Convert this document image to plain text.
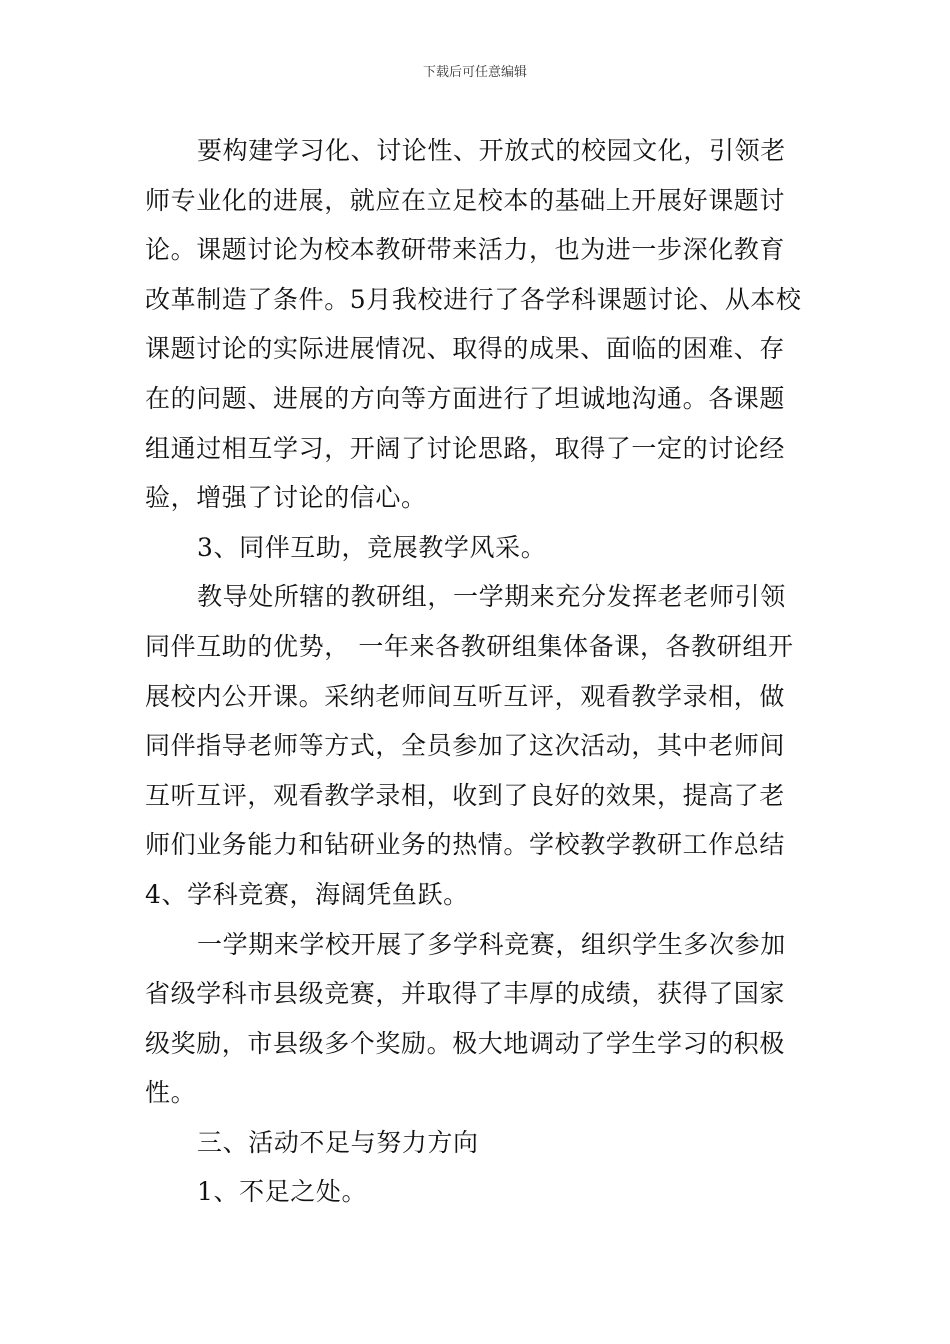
下载后可任意编辑
要构建学习化、讨论性、开放式的校园文化，引领老
师专业化的进展，就应在立足校本的基础上开展好课题讨
论。课题讨论为校本教研带来活力，也为进一步深化教育
改革制造了条件。5月我校进行了各学科课题讨论、从本校
课题讨论的实际进展情况、取得的成果、面临的困难、存
在的问题、进展的方向等方面进行了坦诚地沟通。各课题
组通过相互学习，开阔了讨论思路，取得了一定的讨论经
验，增强了讨论的信心。
3、同伴互助，竞展教学风采。
教导处所辖的教研组，一学期来充分发挥老老师引领
同伴互助的优势， 一年来各教研组集体备课，各教研组开
展校内公开课。采纳老师间互听互评，观看教学录相，做
同伴指导老师等方式，全员参加了这次活动，其中老师间
互听互评，观看教学录相，收到了良好的效果，提高了老
师们业务能力和钻研业务的热情。学校教学教研工作总结
4、学科竞赛，海阔凭鱼跃。
一学期来学校开展了多学科竞赛，组织学生多次参加
省级学科市县级竞赛，并取得了丰厚的成绩，获得了国家
级奖励，市县级多个奖励。极大地调动了学生学习的积极
性。
三、活动不足与努力方向
1、不足之处。
